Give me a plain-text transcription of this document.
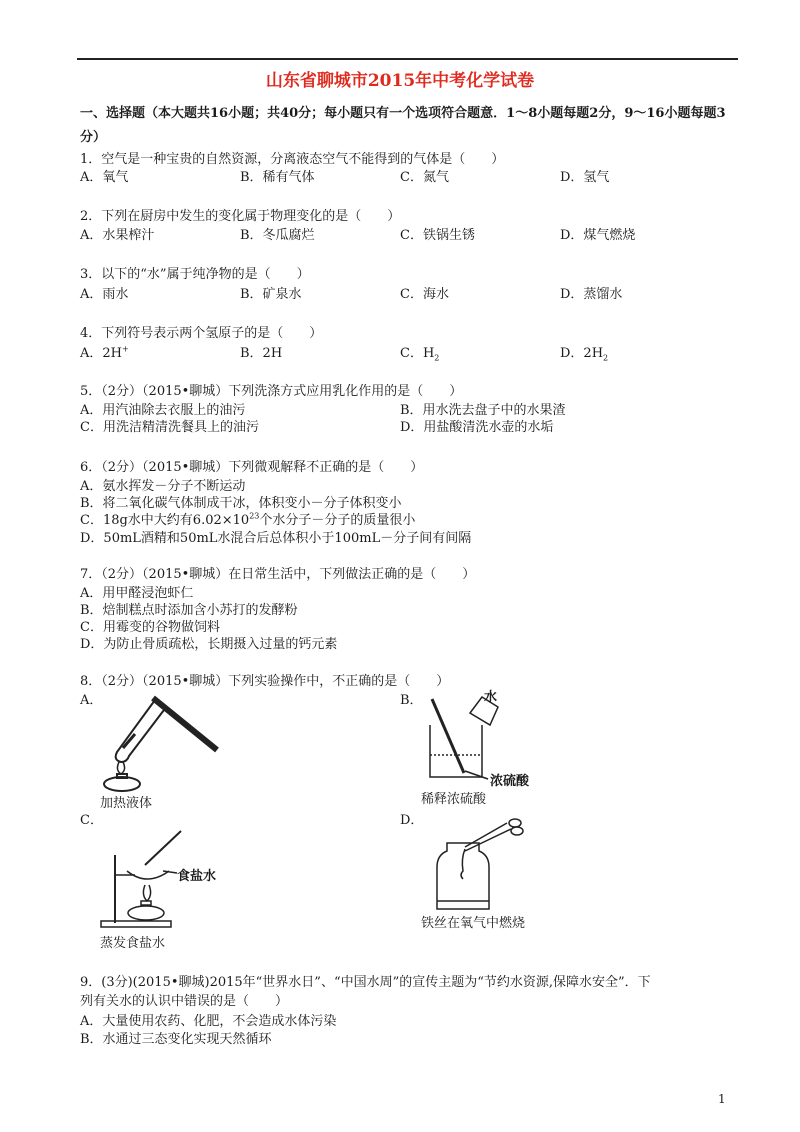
山东省聊城市2015年中考化学试卷
一、选择题（本大题共16小题；共40分；每小题只有一个选项符合题意．1～8小题每题2分，9～16小题每题3分）
1．空气是一种宝贵的自然资源，分离液态空气不能得到的气体是（　　）
A．氧气	B．稀有气体	C．氮气	D．氢气
2．下列在厨房中发生的变化属于物理变化的是（　　）
A．水果榨汁	B．冬瓜腐烂	C．铁锅生锈	D．煤气燃烧
3．以下的“水”属于纯净物的是（　　）
A．雨水	B．矿泉水	C．海水	D．蒸馏水
4．下列符号表示两个氢原子的是（　　）
A．2H+	B．2H	C．$H_2$	D．$2H_2$
5．（2分）（2015•聊城）下列洗涤方式应用乳化作用的是（　　）
A．用汽油除去衣服上的油污	B．用水洗去盘子中的水果渣
C．用洗洁精清洗餐具上的油污	D．用盐酸清洗水壶的水垢
6．（2分）（2015•聊城）下列微观解释不正确的是（　　）
A．氨水挥发－分子不断运动
B．将二氧化碳气体制成干冰，体积变小－分子体积变小
C．18g水中大约有$6.02\times 10^{23}$个水分子－分子的质量很小
D．50mL酒精和50mL水混合后总体积小于100mL－分子间有间隔
7．（2分）（2015•聊城）在日常生活中，下列做法正确的是（　　）
A．用甲醛浸泡虾仁
B．焙制糕点时添加含小苏打的发酵粉
C．用霉变的谷物做饲料
D．为防止骨质疏松，长期摄入过量的钙元素
8．（2分）（2015•聊城）下列实验操作中，不正确的是（　　）
A．	B．
C．	D．
加热液体
水
浓硫酸
稀释浓硫酸
食盐水
蒸发食盐水
铁丝在氧气中燃烧
9．(3分)(2015•聊城)2015年“世界水日”、“中国水周”的宣传主题为“节约水资源,保障水安全”．下
列有关水的认识中错误的是（　　）
A．大量使用农药、化肥，不会造成水体污染
B．水通过三态变化实现天然循环
1
